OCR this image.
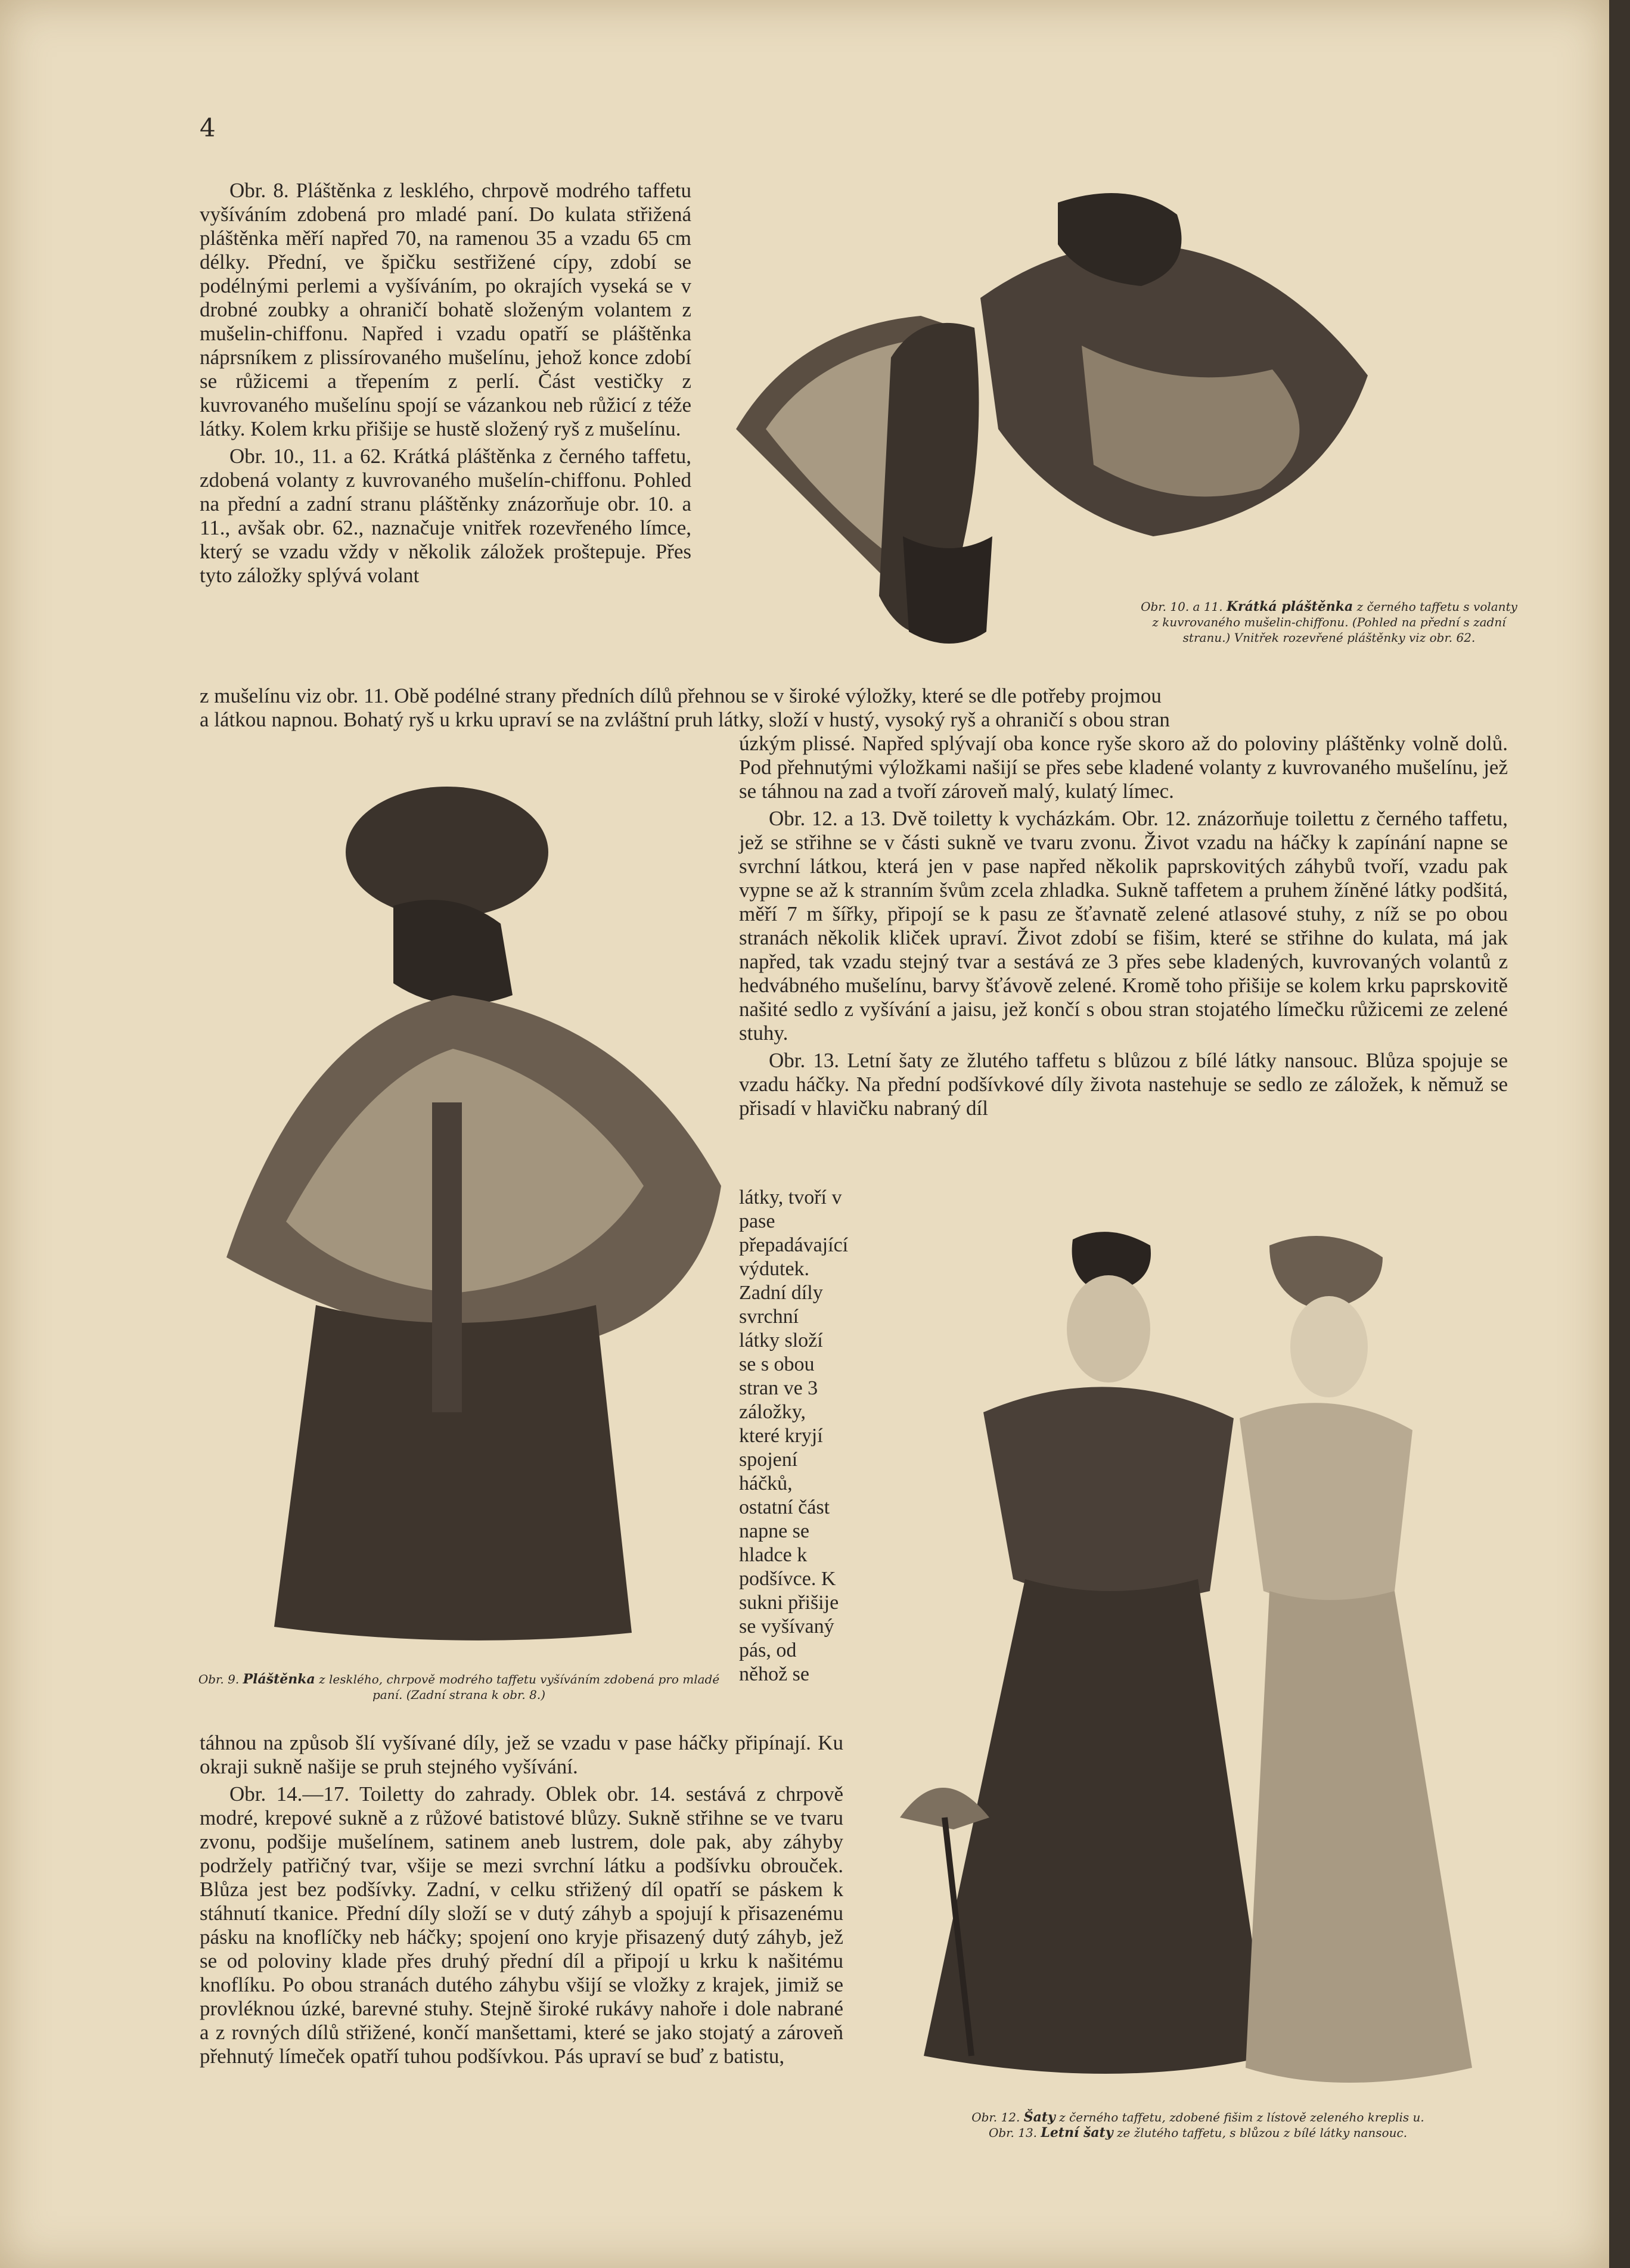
4

Obr. 8. Pláštěnka z lesklého, chrpově modrého taffetu vyšíváním zdobená pro mladé paní. Do kulata střižená pláštěnka měří napřed 70, na ramenou 35 a vzadu 65 cm délky. Přední, ve špičku sestřižené cípy, zdobí se podélnými perlemi a vyšíváním, po okrajích vyseká se v drobné zoubky a ohraničí bohatě složeným volantem z mušelin-chiffonu. Napřed i vzadu opatří se pláštěnka náprsníkem z plissírovaného mušelínu, jehož konce zdobí se růžicemi a třepením z perlí. Část vestičky z kuvrovaného mušelínu spojí se vázankou neb růžicí z téže látky. Kolem krku přišije se hustě složený ryš z mušelínu.

Obr. 10., 11. a 62. Krátká pláštěnka z černého taffetu, zdobená volanty z kuvrovaného mušelín-chiffonu. Pohled na přední a zadní stranu pláštěnky znázorňuje obr. 10. a 11., avšak obr. 62., naznačuje vnitřek rozevřeného límce, který se vzadu vždy v několik záložek proštepuje. Přes tyto záložky splývá volant

Obr. 10. a 11. Krátká pláštěnka z černého taffetu s volanty z kuvrovaného mušelin-chiffonu. (Pohled na přední s zadní stranu.) Vnitřek rozevřené pláštěnky viz obr. 62.

z mušelínu viz obr. 11. Obě podélné strany předních dílů přehnou se v široké výložky, které se dle potřeby projmou

a látkou napnou. Bohatý ryš u krku upraví se na zvláštní pruh látky, složí v hustý, vysoký ryš a ohraničí s obou stran

Obr. 9. Pláštěnka z lesklého, chrpově modrého taffetu vyšíváním zdobená pro mladé paní. (Zadní strana k obr. 8.)

úzkým plissé. Napřed splývají oba konce ryše skoro až do poloviny pláštěnky volně dolů. Pod přehnutými výložkami našijí se přes sebe kladené volanty z kuvrovaného mušelínu, jež se táhnou na zad a tvoří zároveň malý, kulatý límec.

Obr. 12. a 13. Dvě toiletty k vycházkám. Obr. 12. znázorňuje toilettu z černého taffetu, jež se střihne se v části sukně ve tvaru zvonu. Život vzadu na háčky k zapínání napne se svrchní látkou, která jen v pase napřed několik paprskovitých záhybů tvoří, vzadu pak vypne se až k stranním švům zcela zhladka. Sukně taffetem a pruhem žíněné látky podšitá, měří 7 m šířky, připojí se k pasu ze šťavnatě zelené atlasové stuhy, z níž se po obou stranách několik kliček upraví. Život zdobí se fišim, které se střihne do kulata, má jak napřed, tak vzadu stejný tvar a sestává ze 3 přes sebe kladených, kuvrovaných volantů z hedvábného mušelínu, barvy šťávově zelené. Kromě toho přišije se kolem krku paprskovitě našité sedlo z vyšívání a jaisu, jež končí s obou stran stojatého límečku růžicemi ze zelené stuhy.

Obr. 13. Letní šaty ze žlutého taffetu s blůzou z bílé látky nansouc. Blůza spojuje se vzadu háčky. Na přední podšívkové díly života nastehuje se sedlo ze záložek, k němuž se přisadí v hlavičku nabraný díl

látky, tvoří v pase přepadávající výdutek. Zadní díly svrchní látky složí se s obou stran ve 3 záložky, které kryjí spojení háčků, ostatní část napne se hladce k podšívce. K sukni přišije se vyšívaný pás, od něhož se

Obr. 12. Šaty z černého taffetu, zdobené fišim z lístově zeleného kreplis u.
Obr. 13. Letní šaty ze žlutého taffetu, s blůzou z bílé látky nansouc.

táhnou na způsob šlí vyšívané díly, jež se vzadu v pase háčky připínají. Ku okraji sukně našije se pruh stejného vyšívání.

Obr. 14.—17. Toiletty do zahrady. Oblek obr. 14. sestává z chrpově modré, krepové sukně a z růžové batistové blůzy. Sukně střihne se ve tvaru zvonu, podšije mušelínem, satinem aneb lustrem, dole pak, aby záhyby podržely patřičný tvar, všije se mezi svrchní látku a podšívku obrouček. Blůza jest bez podšívky. Zadní, v celku střižený díl opatří se páskem k stáhnutí tkanice. Přední díly složí se v dutý záhyb a spojují k přisazenému pásku na knoflíčky neb háčky; spojení ono kryje přisazený dutý záhyb, jež se od poloviny klade přes druhý přední díl a připojí u krku k našitému knoflíku. Po obou stranách dutého záhybu všijí se vložky z krajek, jimiž se provléknou úzké, barevné stuhy. Stejně široké rukávy nahoře i dole nabrané a z rovných dílů střižené, končí manšettami, které se jako stojatý a zároveň přehnutý límeček opatří tuhou podšívkou. Pás upraví se buď z batistu,
